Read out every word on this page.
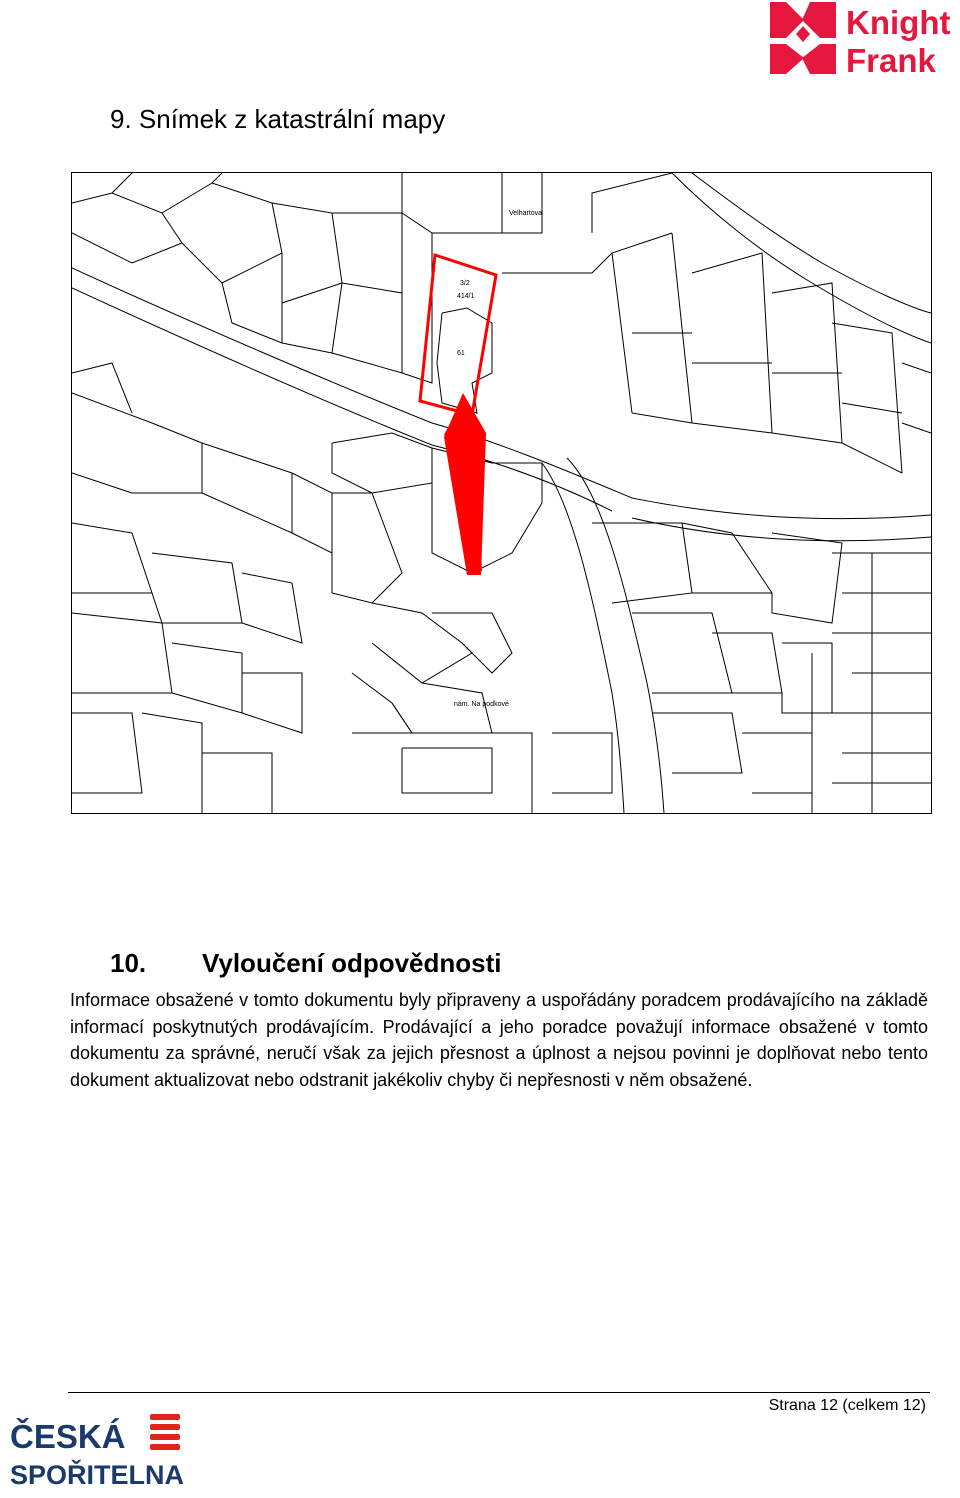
Knight
Frank
9. Snímek z katastrální mapy
61
3/2
414/1
Velhartova
nám. Na podkové
10. Vyloučení odpovědnosti

Informace obsažené v tomto dokumentu byly připraveny a uspořádány poradcem prodávajícího na základě informací poskytnutých prodávajícím. Prodávající a jeho poradce považují informace obsažené v tomto dokumentu za správné, neručí však za jejich přesnost a úplnost a nejsou povinni je doplňovat nebo tento dokument aktualizovat nebo odstranit jakékoliv chyby či nepřesnosti v něm obsažené.

Strana 12 (celkem 12)
ČESKÁ
SPOŘITELNA
